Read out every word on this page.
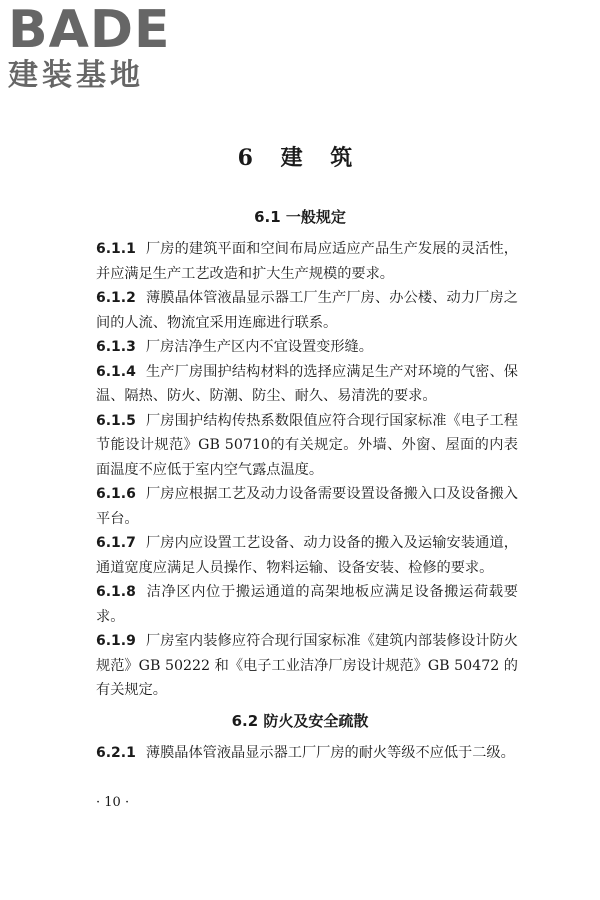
BADE
建装基地
6 建 筑
6.1 一般规定

6.1.1 厂房的建筑平面和空间布局应适应产品生产发展的灵活性，并应满足生产工艺改造和扩大生产规模的要求。

6.1.2 薄膜晶体管液晶显示器工厂生产厂房、办公楼、动力厂房之间的人流、物流宜采用连廊进行联系。

6.1.3 厂房洁净生产区内不宜设置变形缝。

6.1.4 生产厂房围护结构材料的选择应满足生产对环境的气密、保温、隔热、防火、防潮、防尘、耐久、易清洗的要求。

6.1.5 厂房围护结构传热系数限值应符合现行国家标准《电子工程节能设计规范》GB 50710的有关规定。外墙、外窗、屋面的内表面温度不应低于室内空气露点温度。

6.1.6 厂房应根据工艺及动力设备需要设置设备搬入口及设备搬入平台。

6.1.7 厂房内应设置工艺设备、动力设备的搬入及运输安装通道，通道宽度应满足人员操作、物料运输、设备安装、检修的要求。

6.1.8 洁净区内位于搬运通道的高架地板应满足设备搬运荷载要求。

6.1.9 厂房室内装修应符合现行国家标准《建筑内部装修设计防火规范》GB 50222 和《电子工业洁净厂房设计规范》GB 50472 的有关规定。

6.2 防火及安全疏散

6.2.1 薄膜晶体管液晶显示器工厂厂房的耐火等级不应低于二级。

· 10 ·
